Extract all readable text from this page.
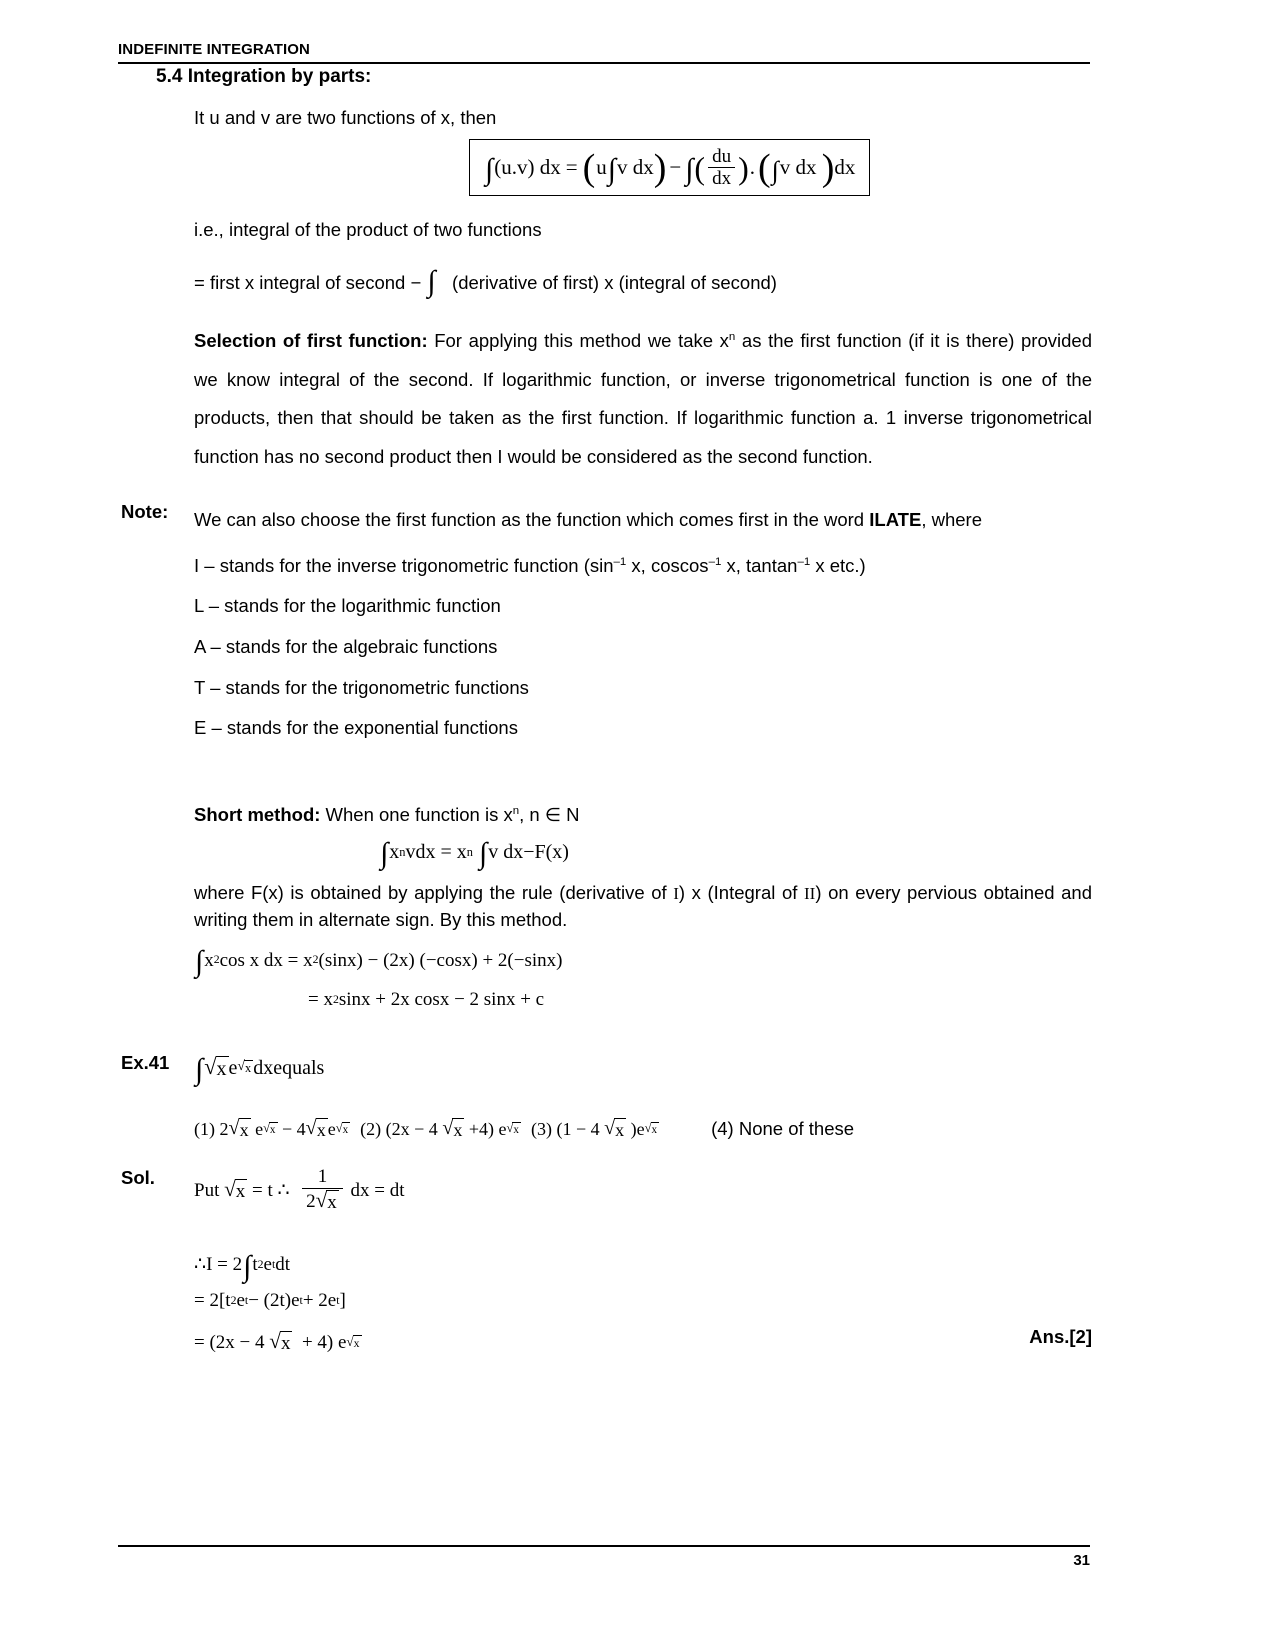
INDEFINITE INTEGRATION
5.4 Integration by parts:
It u and v are two functions of x, then
∫ (u.v) dx = ( u ∫ v dx ) − ∫ ( $\frac{du}{dx}$ ) . ( ∫ v dx ) dx
i.e., integral of the product of two functions
= first x integral of second − ∫ (derivative of first) x (integral of second)
Selection of first function: For applying this method we take $x^n$ as the first function (if it is there) provided we know integral of the second. If logarithmic function, or inverse trigonometrical function is one of the products, then that should be taken as the first function. If logarithmic function a. 1 inverse trigonometrical function has no second product then I would be considered as the second function.
Note: We can also choose the first function as the function which comes first in the word ILATE, where
I – stands for the inverse trigonometric function ($\sin^{-1}$ x, coscos$^{-1}$ x, tantan$^{-1}$ x etc.)
L – stands for the logarithmic function
A – stands for the algebraic functions
T – stands for the trigonometric functions
E – stands for the exponential functions
Short method: When one function is $x^n$, n ∈ N
∫ x n vdx = x n
∫ v dx − F(x)
where F(x) is obtained by applying the rule (derivative of I) x (Integral of II) on every pervious obtained and writing them in alternate sign. By this method.
∫ x 2 cos x dx = x 2 (sinx) − (2x) (−cosx) + 2(−sinx)
= x 2 sinx + 2x cosx − 2 sinx + c
Ex.41 ∫ √ x e √ x dx equals
(1) 2 √ x e √ x − 4 √ x e √ x (2) (2x − 4 √ x +4) e √ x (3) (1 − 4 √ x )e √ x	(4) None of these
Sol.
Put
√ x
= t
∴
$\frac{1}{2 √ x}$
dx = dt
∴ I = 2 ∫ t 2 e t dt
= 2[t 2 e t − (2t)e t + 2e t ]
= (2x − 4 √ x + 4) e √ x	Ans.[2]
31
